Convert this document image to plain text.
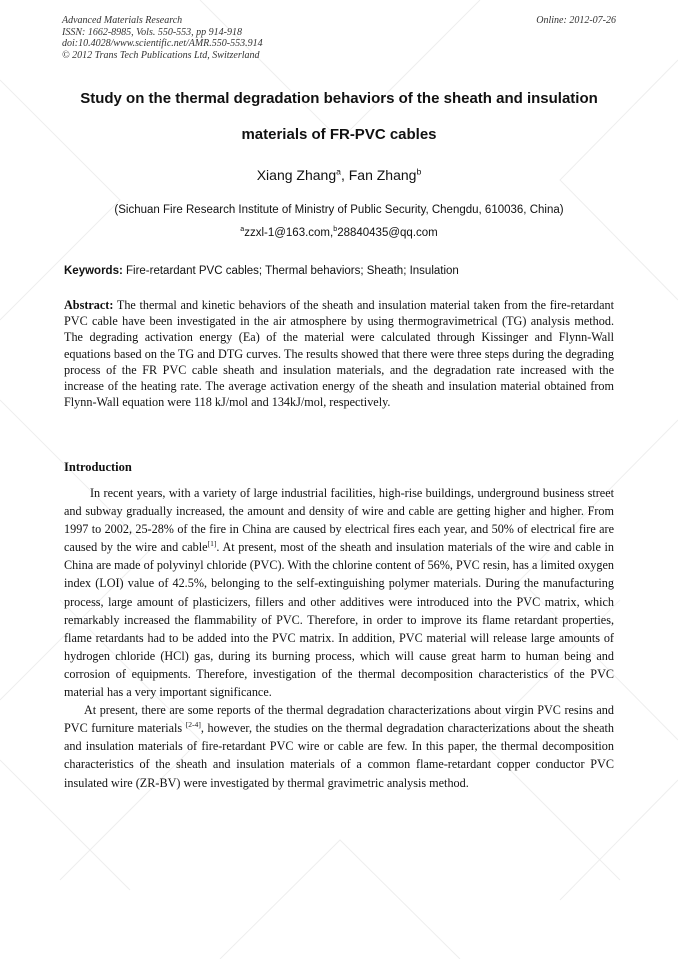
Advanced Materials Research
ISSN: 1662-8985, Vols. 550-553, pp 914-918
doi:10.4028/www.scientific.net/AMR.550-553.914
© 2012 Trans Tech Publications Ltd, Switzerland
Online: 2012-07-26
Study on the thermal degradation behaviors of the sheath and insulation
materials of FR-PVC cables
Xiang Zhang$^a$, Fan Zhang$^b$
(Sichuan Fire Research Institute of Ministry of Public Security, Chengdu, 610036, China)
$^a$zzxl-1@163.com,$^b$28840435@qq.com
Keywords: Fire-retardant PVC cables; Thermal behaviors; Sheath; Insulation
Abstract: The thermal and kinetic behaviors of the sheath and insulation material taken from the fire-retardant PVC cable have been investigated in the air atmosphere by using thermogravimetrical (TG) analysis method. The degrading activation energy (Ea) of the material were calculated through Kissinger and Flynn-Wall equations based on the TG and DTG curves. The results showed that there were three steps during the degrading process of the FR PVC cable sheath and insulation materials, and the degradation rate increased with the increase of the heating rate. The average activation energy of the sheath and insulation material obtained from Flynn-Wall equation were 118 kJ/mol and 134kJ/mol, respectively.
Introduction

In recent years, with a variety of large industrial facilities, high-rise buildings, underground business street and subway gradually increased, the amount and density of wire and cable are getting higher and higher. From 1997 to 2002, 25-28% of the fire in China are caused by electrical fires each year, and 50% of electrical fire are caused by the wire and cable[1]. At present, most of the sheath and insulation materials of the wire and cable in China are made of polyvinyl chloride (PVC). With the chlorine content of 56%, PVC resin, has a limited oxygen index (LOI) value of 42.5%, belonging to the self-extinguishing polymer materials. During the manufacturing process, large amount of plasticizers, fillers and other additives were introduced into the PVC matrix, which remarkably increased the flammability of PVC. Therefore, in order to improve its flame retardant properties, flame retardants had to be added into the PVC matrix. In addition, PVC material will release large amounts of hydrogen chloride (HCl) gas, during its burning process, which will cause great harm to human being and corrosion of equipments. Therefore, investigation of the thermal decomposition characteristics of the PVC material has a very important significance.

At present, there are some reports of the thermal degradation characterizations about virgin PVC resins and PVC furniture materials [2-4], however, the studies on the thermal degradation characterizations about the sheath and insulation materials of fire-retardant PVC wire or cable are few. In this paper, the thermal decomposition characteristics of the sheath and insulation materials of a common flame-retardant copper conductor PVC insulated wire (ZR-BV) were investigated by thermal gravimetric analysis method.
